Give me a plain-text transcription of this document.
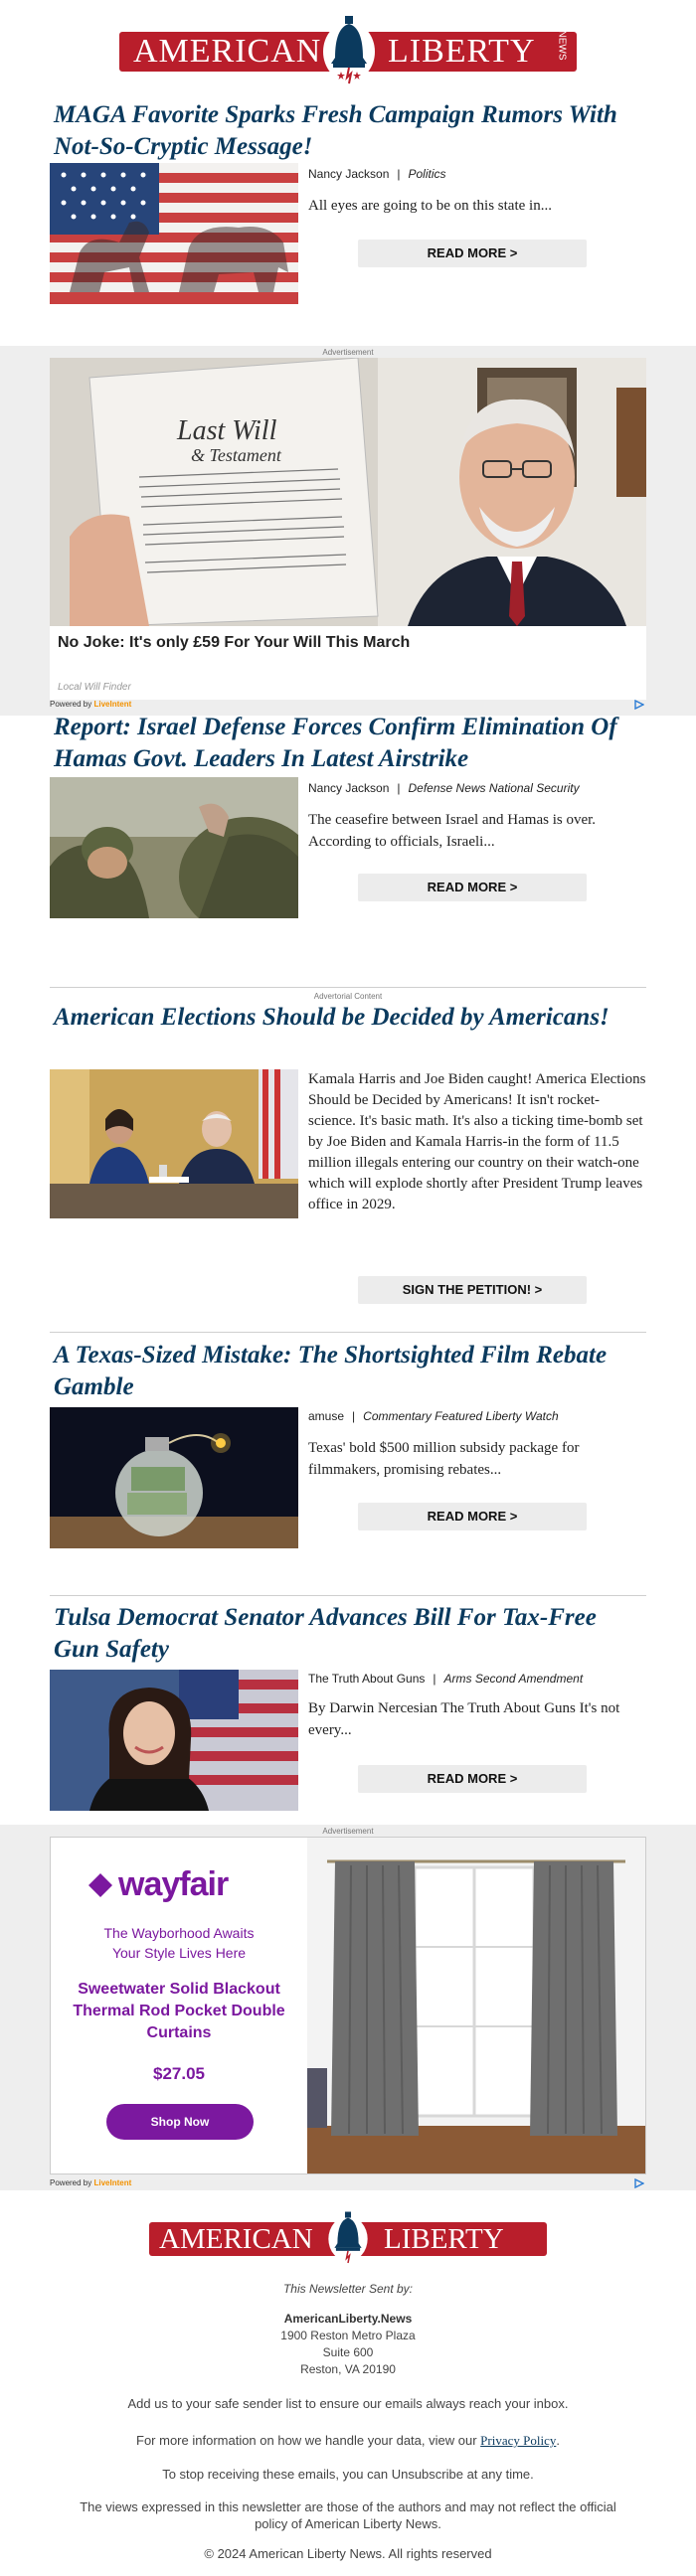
AMERICAN LIBERTY NEWS
MAGA Favorite Sparks Fresh Campaign Rumors With Not-So-Cryptic Message!
Nancy Jackson | Politics
All eyes are going to be on this state in...
READ MORE >
Advertisement
Last Will
& Testament
No Joke: It's only £59 For Your Will This March
Local Will Finder
Powered by LiveIntent
Report: Israel Defense Forces Confirm Elimination Of Hamas Govt. Leaders In Latest Airstrike
Nancy Jackson | Defense News National Security
The ceasefire between Israel and Hamas is over. According to officials, Israeli...
READ MORE >
Advertorial Content
American Elections Should be Decided by Americans!
Kamala Harris and Joe Biden caught! America Elections Should be Decided by Americans! It isn't rocket-science. It's basic math. It's also a ticking time-bomb set by Joe Biden and Kamala Harris-in the form of 11.5 million illegals entering our country on their watch-one which will explode shortly after President Trump leaves office in 2029.
SIGN THE PETITION! >
A Texas-Sized Mistake: The Shortsighted Film Rebate Gamble
amuse | Commentary Featured Liberty Watch
Texas' bold $500 million subsidy package for filmmakers, promising rebates...
READ MORE >
Tulsa Democrat Senator Advances Bill For Tax-Free Gun Safety
The Truth About Guns | Arms Second Amendment
By Darwin Nercesian The Truth About Guns It's not every...
READ MORE >
Advertisement
wayfair
The Wayborhood Awaits
Your Style Lives Here
Sweetwater Solid Blackout Thermal Rod Pocket Double Curtains
$27.05
Shop Now
Powered by LiveIntent
AMERICAN LIBERTY
This Newsletter Sent by:
AmericanLiberty.News
1900 Reston Metro Plaza
Suite 600
Reston, VA 20190
Add us to your safe sender list to ensure our emails always reach your inbox.
For more information on how we handle your data, view our Privacy Policy.
To stop receiving these emails, you can Unsubscribe at any time.
The views expressed in this newsletter are those of the authors and may not reflect the official policy of American Liberty News.
© 2024 American Liberty News. All rights reserved
